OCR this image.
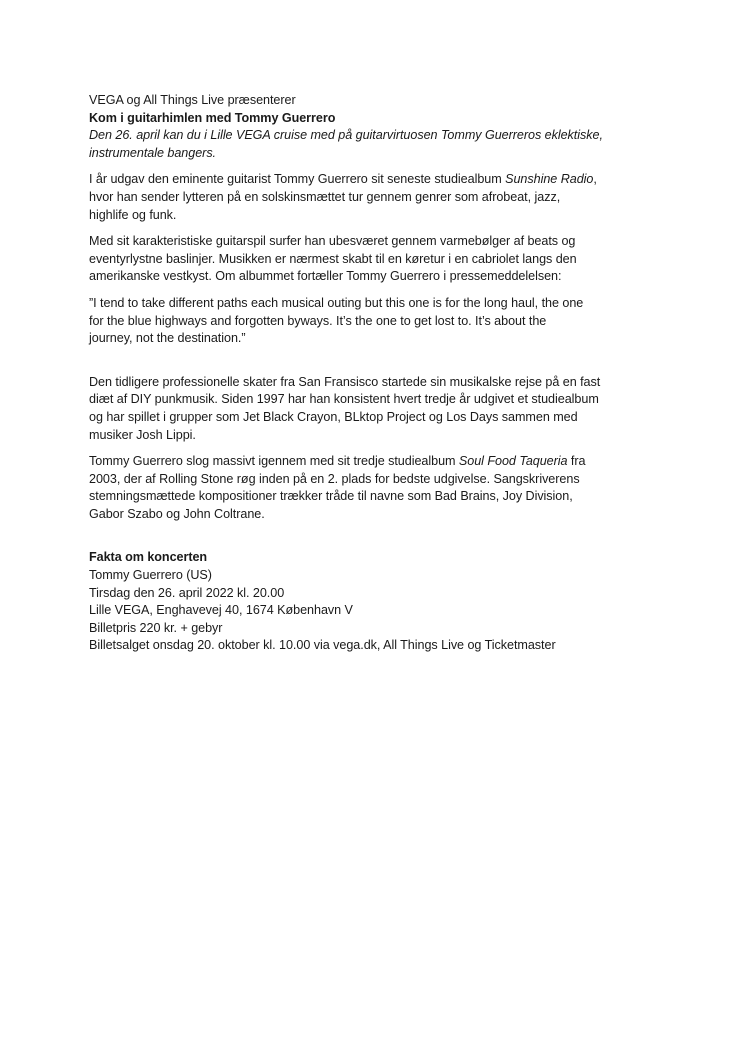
VEGA og All Things Live præsenterer
Kom i guitarhimlen med Tommy Guerrero
Den 26. april kan du i Lille VEGA cruise med på guitarvirtuosen Tommy Guerreros eklektiske,
instrumentale bangers.
I år udgav den eminente guitarist Tommy Guerrero sit seneste studiealbum Sunshine Radio,
hvor han sender lytteren på en solskinsmættet tur gennem genrer som afrobeat, jazz,
highlife og funk.
Med sit karakteristiske guitarspil surfer han ubesværet gennem varmebølger af beats og
eventyrlystne baslinjer. Musikken er nærmest skabt til en køretur i en cabriolet langs den
amerikanske vestkyst. Om albummet fortæller Tommy Guerrero i pressemeddelelsen:
”I tend to take different paths each musical outing but this one is for the long haul, the one
for the blue highways and forgotten byways. It’s the one to get lost to. It’s about the
journey, not the destination.”
Den tidligere professionelle skater fra San Fransisco startede sin musikalske rejse på en fast
diæt af DIY punkmusik. Siden 1997 har han konsistent hvert tredje år udgivet et studiealbum
og har spillet i grupper som Jet Black Crayon, BLktop Project og Los Days sammen med
musiker Josh Lippi.
Tommy Guerrero slog massivt igennem med sit tredje studiealbum Soul Food Taqueria fra
2003, der af Rolling Stone røg inden på en 2. plads for bedste udgivelse. Sangskriverens
stemningsmættede kompositioner trækker tråde til navne som Bad Brains, Joy Division,
Gabor Szabo og John Coltrane.
Fakta om koncerten
Tommy Guerrero (US)
Tirsdag den 26. april 2022 kl. 20.00
Lille VEGA, Enghavevej 40, 1674 København V
Billetpris 220 kr. + gebyr
Billetsalget onsdag 20. oktober kl. 10.00 via vega.dk, All Things Live og Ticketmaster
